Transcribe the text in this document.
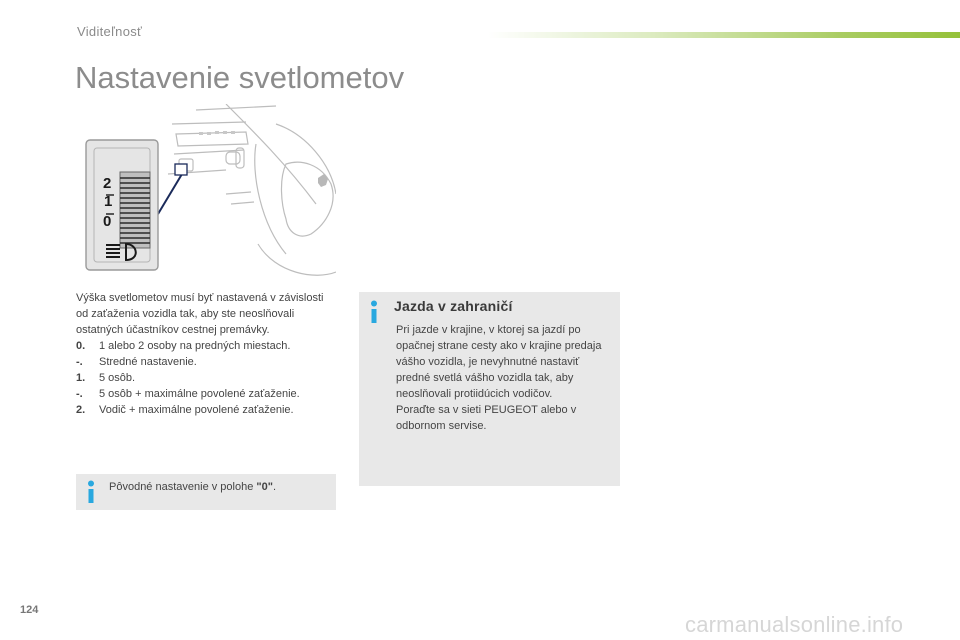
Viditeľnosť
Nastavenie svetlometov
2
1
0

Výška svetlometov musí byť nastavená v závislosti od zaťaženia vozidla tak, aby ste neoslňovali ostatných účastníkov cestnej premávky.

0.	1 alebo 2 osoby na predných miestach.
-.	Stredné nastavenie.
1.	5 osôb.
-.	5 osôb + maximálne povolené zaťaženie.
2.	Vodič + maximálne povolené zaťaženie.
Pôvodné nastavenie v polohe "0".
Jazda v zahraničí

Pri jazde v krajine, v ktorej sa jazdí po opačnej strane cesty ako v krajine predaja vášho vozidla, je nevyhnutné nastaviť predné svetlá vášho vozidla tak, aby neoslňovali protiidúcich vodičov.

Poraďte sa v sieti PEUGEOT alebo v odbornom servise.

124
carmanualsonline.info
